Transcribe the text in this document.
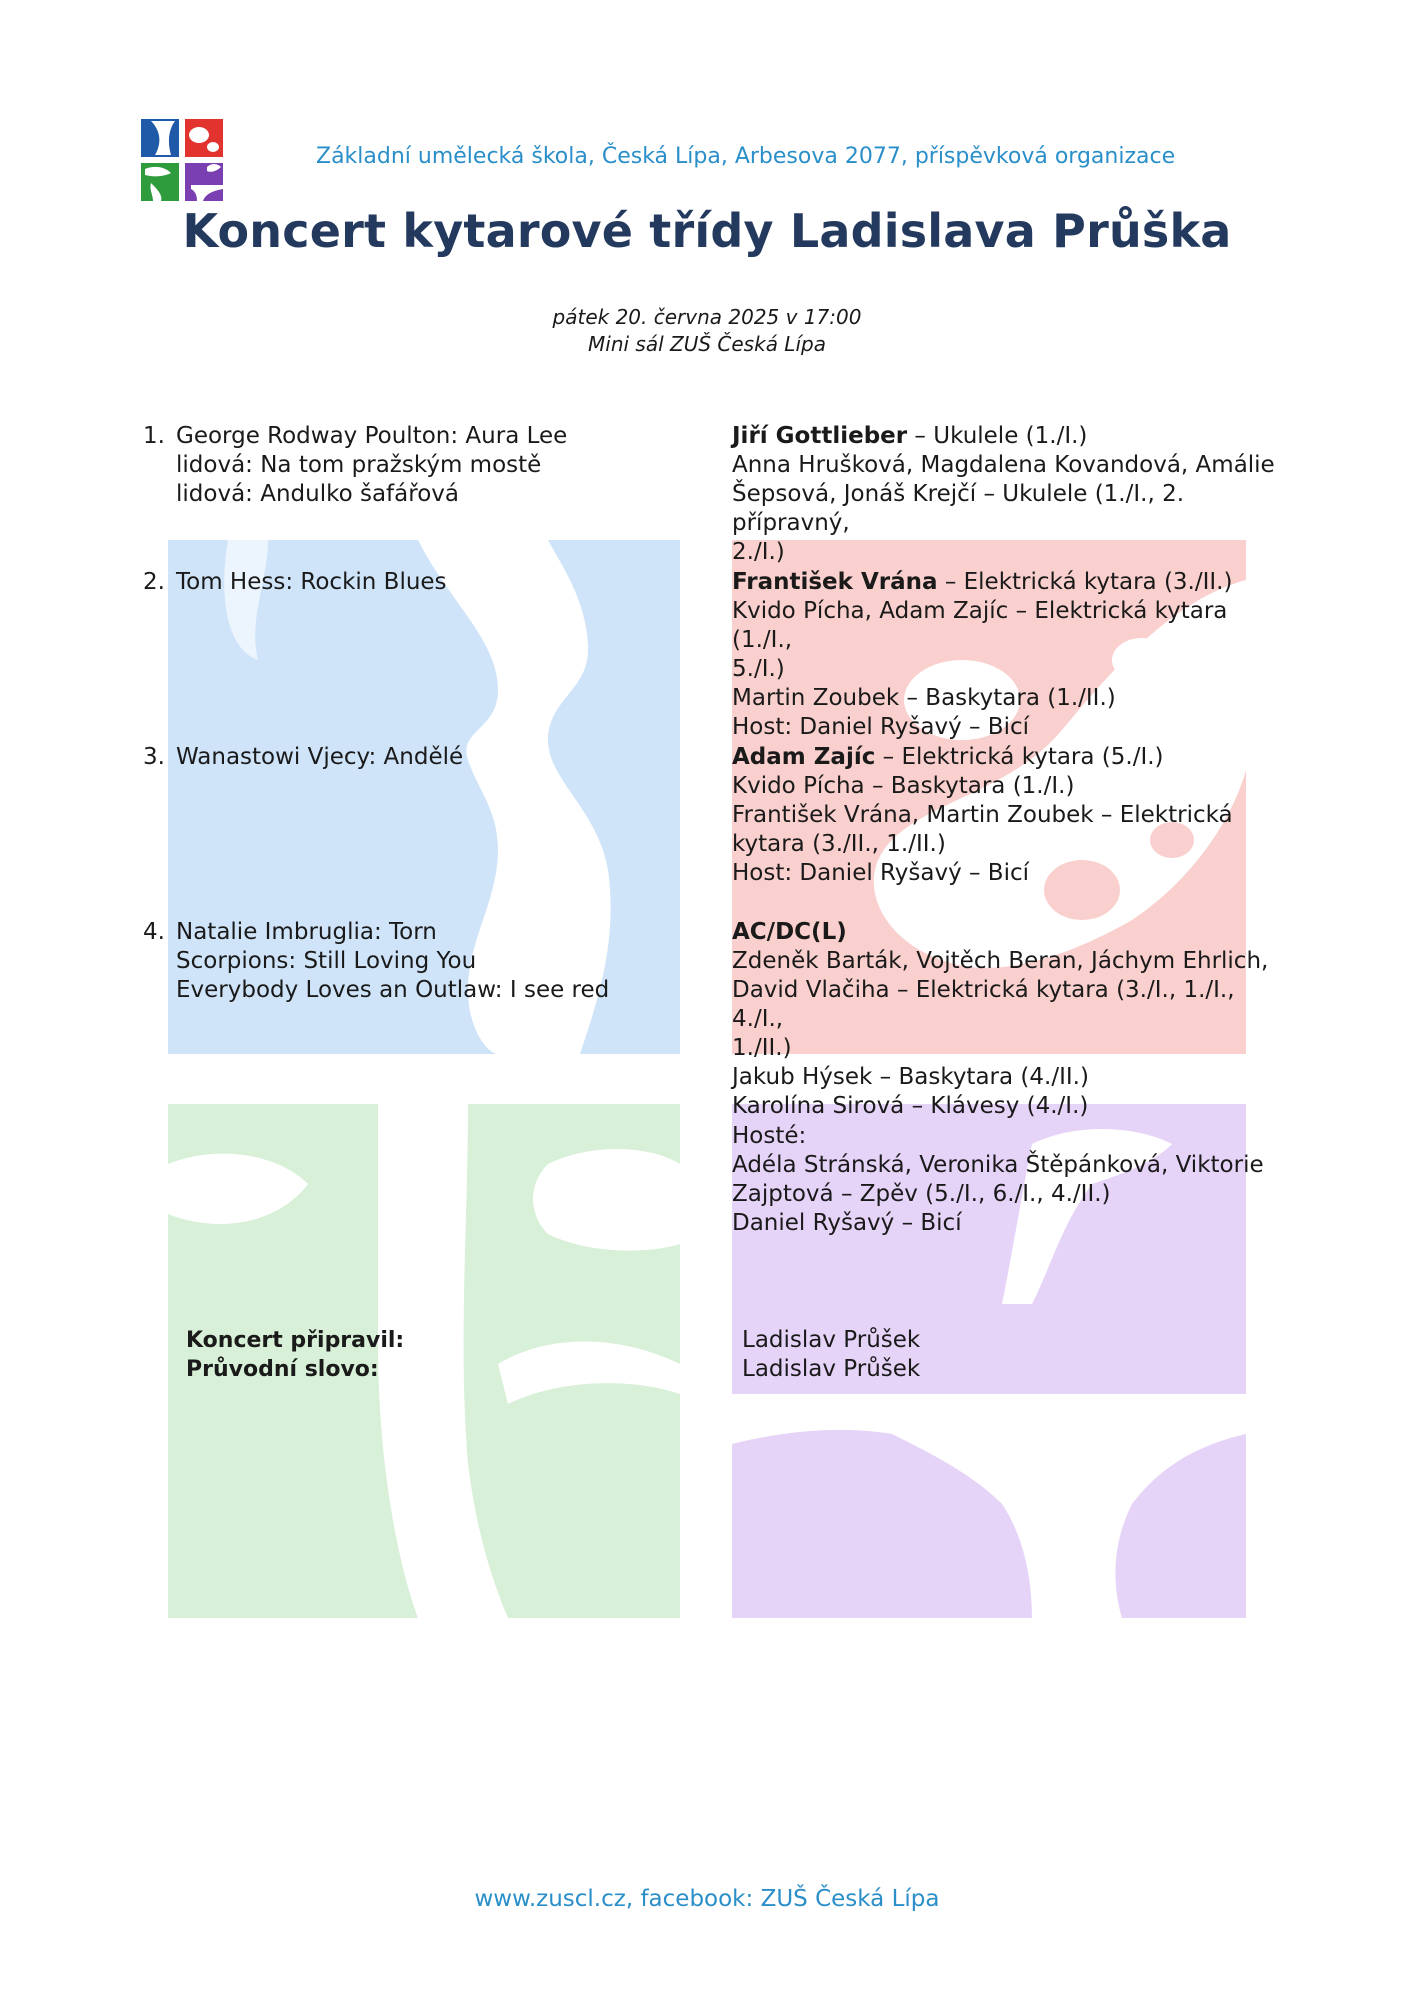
Základní umělecká škola, Česká Lípa, Arbesova 2077, příspěvková organizace
Koncert kytarové třídy Ladislava Průška
pátek 20. června 2025 v 17:00
Mini sál ZUŠ Česká Lípa
1. George Rodway Poulton: Aura Lee
lidová: Na tom pražským mostě
lidová: Andulko šafářová
Jiří Gottlieber – Ukulele (1./I.)
Anna Hrušková, Magdalena Kovandová, Amálie
Šepsová, Jonáš Krejčí – Ukulele (1./I., 2. přípravný,
2./I.)
2. Tom Hess: Rockin Blues	František Vrána – Elektrická kytara (3./II.)
Kvido Pícha, Adam Zajíc – Elektrická kytara (1./I.,
5./I.)
Martin Zoubek – Baskytara (1./II.)
Host: Daniel Ryšavý – Bicí
3. Wanastowi Vjecy: Andělé	Adam Zajíc – Elektrická kytara (5./I.)
Kvido Pícha – Baskytara (1./I.)
František Vrána, Martin Zoubek – Elektrická
kytara (3./II., 1./II.)
Host: Daniel Ryšavý – Bicí
4. Natalie Imbruglia: Torn
Scorpions: Still Loving You
Everybody Loves an Outlaw: I see red
AC/DC(L)
Zdeněk Barták, Vojtěch Beran, Jáchym Ehrlich,
David Vlačiha – Elektrická kytara (3./I., 1./I., 4./I.,
1./II.)
Jakub Hýsek – Baskytara (4./II.)
Karolína Sirová – Klávesy (4./I.)
Hosté:
Adéla Stránská, Veronika Štěpánková, Viktorie
Zajptová – Zpěv (5./I., 6./I., 4./II.)
Daniel Ryšavý – Bicí
Koncert připravil:
Průvodní slovo:
Ladislav Průšek
Ladislav Průšek
www.zuscl.cz, facebook: ZUŠ Česká Lípa
